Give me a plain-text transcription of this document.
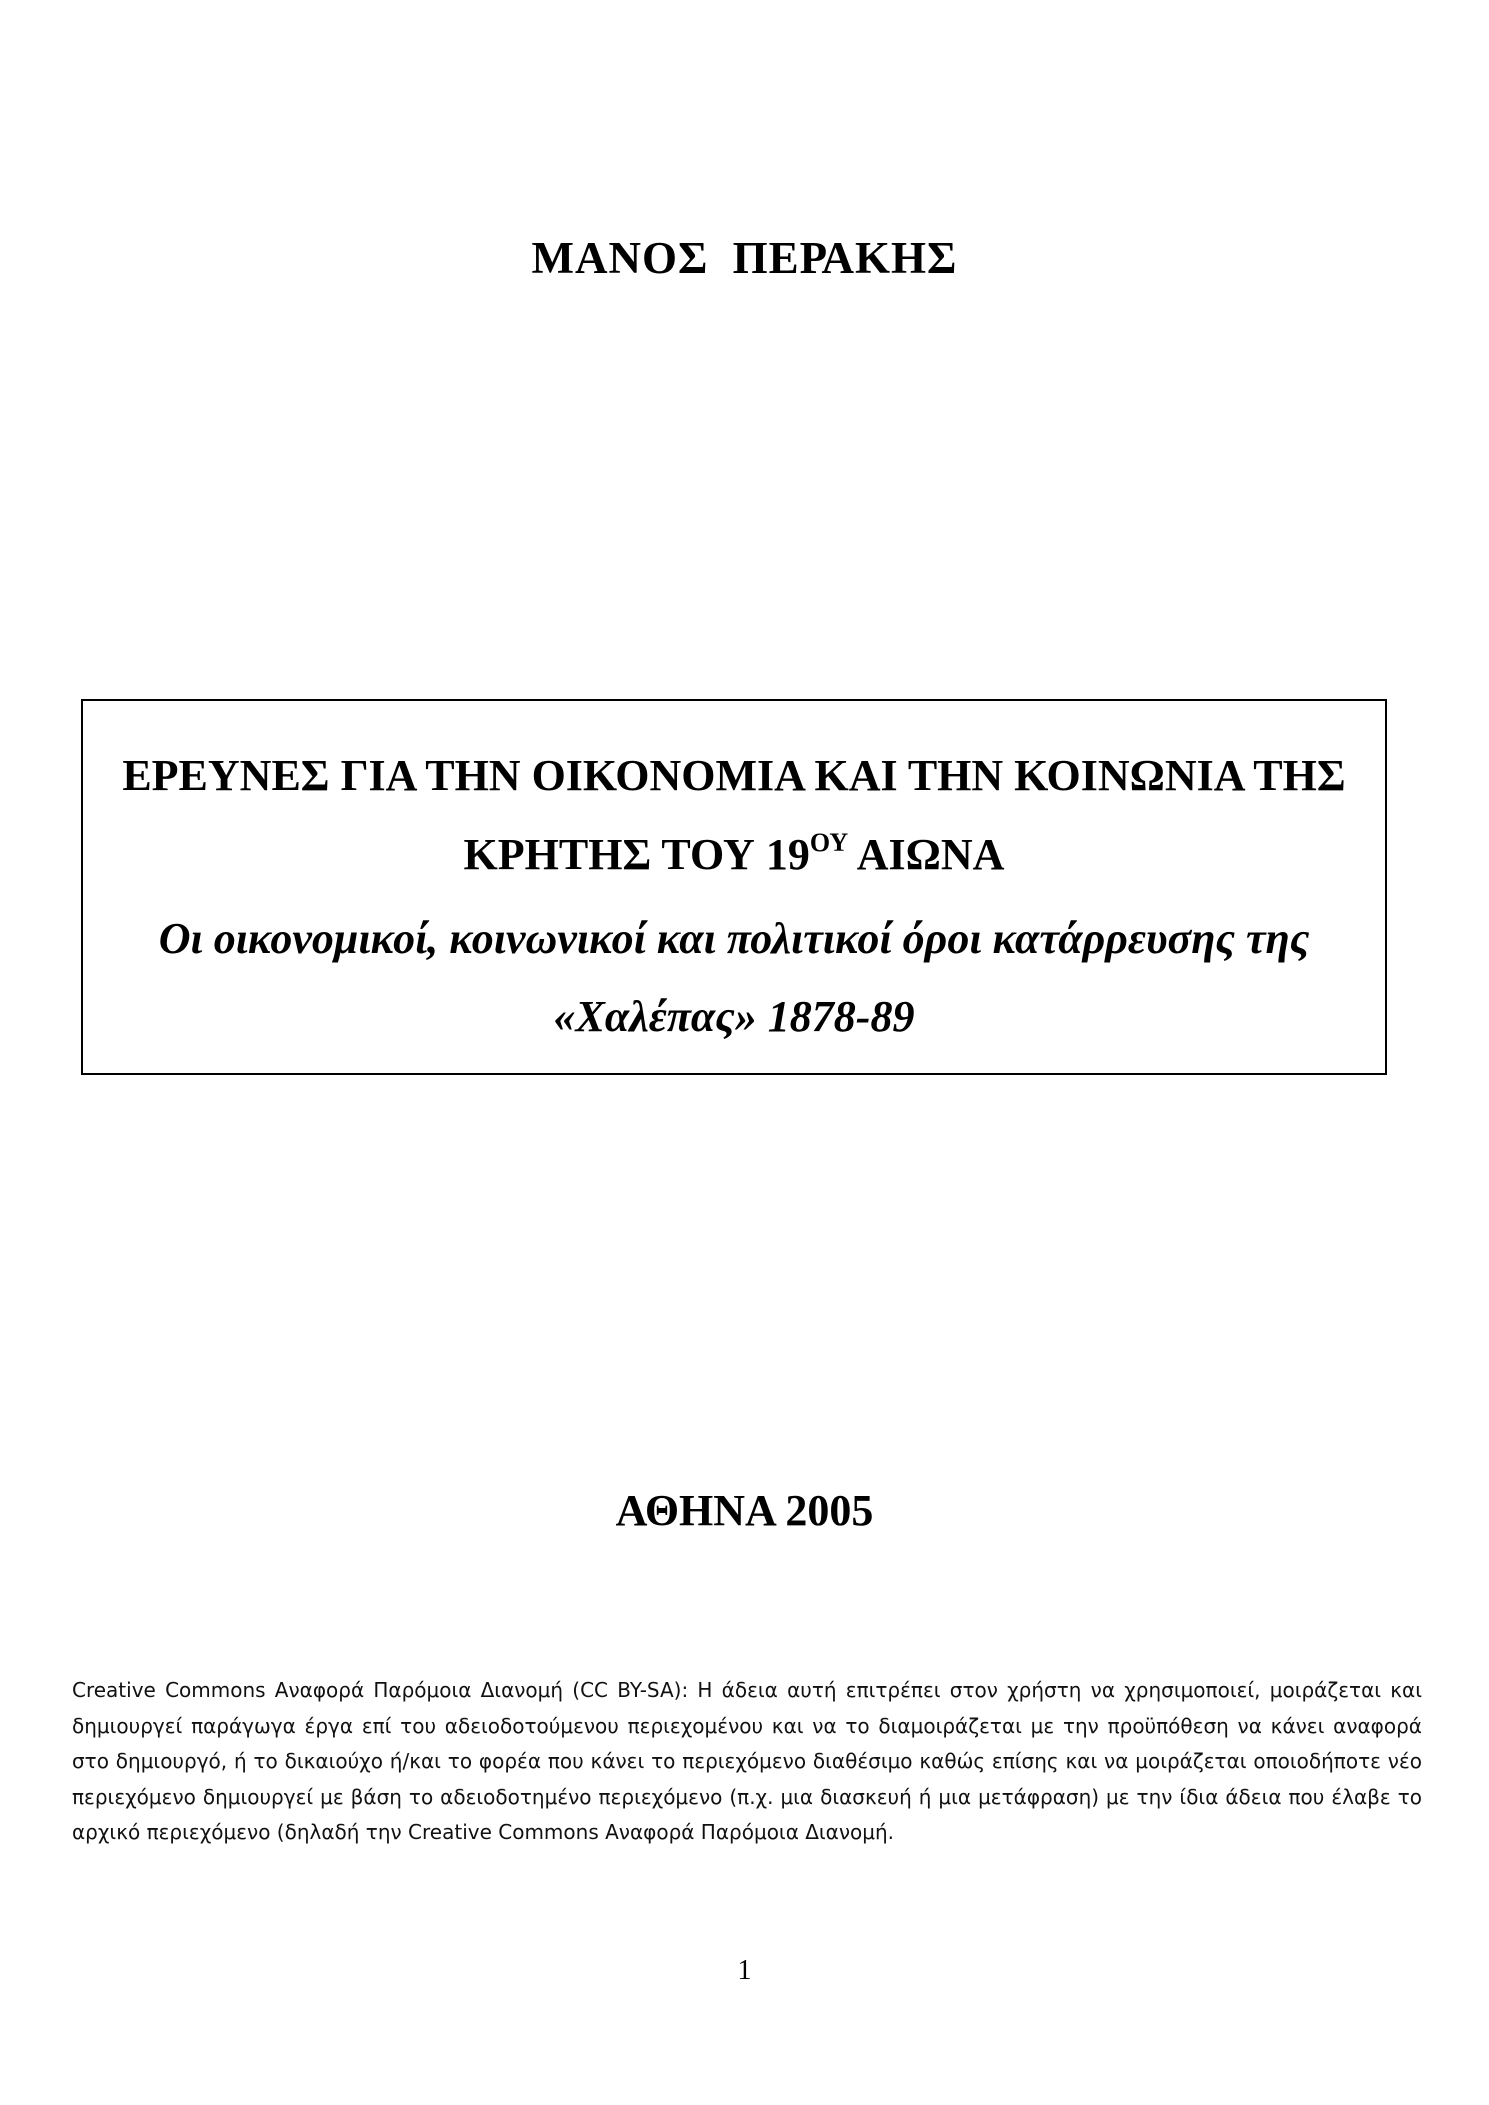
ΜΑΝΟΣ ΠΕΡΑΚΗΣ
ΕΡΕΥΝΕΣ ΓΙΑ ΤΗΝ ΟΙΚΟΝΟΜΙΑ ΚΑΙ ΤΗΝ ΚΟΙΝΩΝΙΑ ΤΗΣ
ΚΡΗΤΗΣ ΤΟΥ $19^{O\Upsilon}$ ΑΙΩΝΑ
Οι οικονομικοί, κοινωνικοί και πολιτικοί όροι κατάρρευσης της
«Χαλέπας» 1878-89
ΑΘΗΝΑ 2005
Creative Commons Αναφορά Παρόμοια Διανομή (CC BY-SA): Η άδεια αυτή επιτρέπει στον χρήστη να χρησιμοποιεί, μοιράζεται και δημιουργεί παράγωγα έργα επί του αδειοδοτούμενου περιεχομένου και να το διαμοιράζεται με την προϋπόθεση να κάνει αναφορά στο δημιουργό, ή το δικαιούχο ή/και το φορέα που κάνει το περιεχόμενο διαθέσιμο καθώς επίσης και να μοιράζεται οποιοδήποτε νέο περιεχόμενο δημιουργεί με βάση το αδειοδοτημένο περιεχόμενο (π.χ. μια διασκευή ή μια μετάφραση) με την ίδια άδεια που έλαβε το αρχικό περιεχόμενο (δηλαδή την Creative Commons Αναφορά Παρόμοια Διανομή.
1
